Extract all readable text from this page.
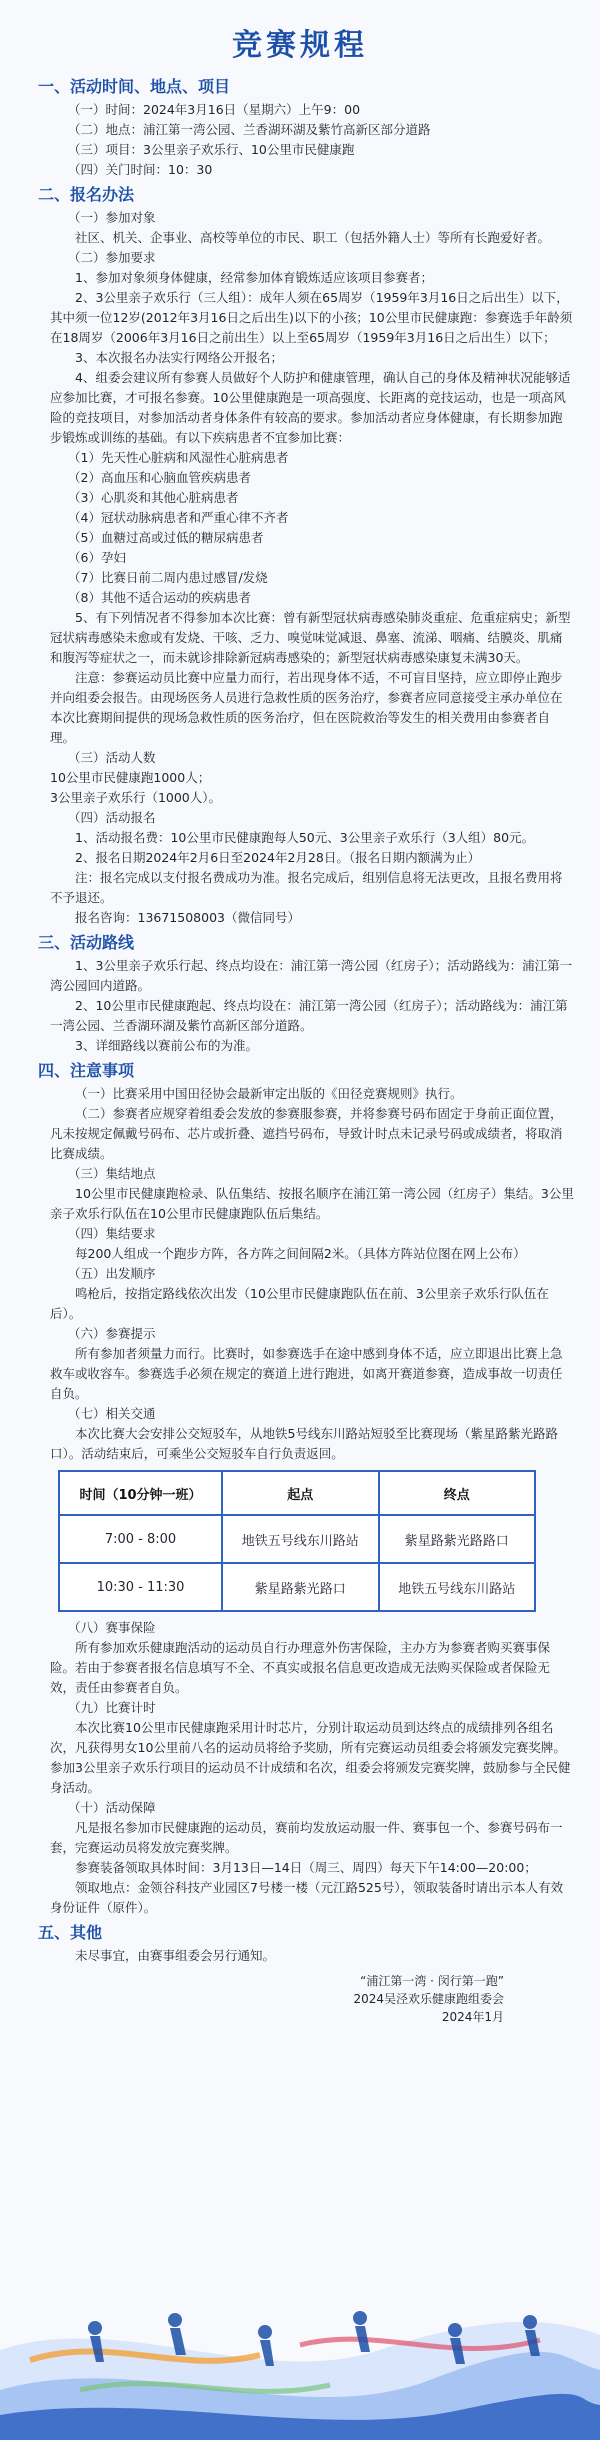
竞赛规程
一、活动时间、地点、项目

（一）时间：2024年3月16日（星期六）上午9：00

（二）地点：浦江第一湾公园、兰香湖环湖及紫竹高新区部分道路

（三）项目：3公里亲子欢乐行、10公里市民健康跑

（四）关门时间：10：30

二、报名办法

（一）参加对象

社区、机关、企事业、高校等单位的市民、职工（包括外籍人士）等所有长跑爱好者。

（二）参加要求

1、参加对象须身体健康，经常参加体育锻炼适应该项目参赛者；

2、3公里亲子欢乐行（三人组）：成年人须在65周岁（1959年3月16日之后出生）以下，其中须一位12岁(2012年3月16日之后出生)以下的小孩；10公里市民健康跑：参赛选手年龄须在18周岁（2006年3月16日之前出生）以上至65周岁（1959年3月16日之后出生）以下；

3、本次报名办法实行网络公开报名；

4、组委会建议所有参赛人员做好个人防护和健康管理，确认自己的身体及精神状况能够适应参加比赛，才可报名参赛。10公里健康跑是一项高强度、长距离的竞技运动，也是一项高风险的竞技项目，对参加活动者身体条件有较高的要求。参加活动者应身体健康，有长期参加跑步锻炼或训练的基础。有以下疾病患者不宜参加比赛：

（1）先天性心脏病和风湿性心脏病患者

（2）高血压和心脑血管疾病患者

（3）心肌炎和其他心脏病患者

（4）冠状动脉病患者和严重心律不齐者

（5）血糖过高或过低的糖尿病患者

（6）孕妇

（7）比赛日前二周内患过感冒/发烧

（8）其他不适合运动的疾病患者

5、有下列情况者不得参加本次比赛：曾有新型冠状病毒感染肺炎重症、危重症病史；新型冠状病毒感染未愈或有发烧、干咳、乏力、嗅觉味觉减退、鼻塞、流涕、咽痛、结膜炎、肌痛和腹泻等症状之一，而未就诊排除新冠病毒感染的；新型冠状病毒感染康复未满30天。

注意：参赛运动员比赛中应量力而行，若出现身体不适，不可盲目坚持，应立即停止跑步并向组委会报告。由现场医务人员进行急救性质的医务治疗，参赛者应同意接受主承办单位在本次比赛期间提供的现场急救性质的医务治疗，但在医院救治等发生的相关费用由参赛者自理。

（三）活动人数

10公里市民健康跑1000人；

3公里亲子欢乐行（1000人）。

（四）活动报名

1、活动报名费：10公里市民健康跑每人50元、3公里亲子欢乐行（3人组）80元。

2、报名日期2024年2月6日至2024年2月28日。（报名日期内额满为止）

注：报名完成以支付报名费成功为准。报名完成后，组别信息将无法更改，且报名费用将不予退还。

报名咨询：13671508003（微信同号）

三、活动路线

1、3公里亲子欢乐行起、终点均设在：浦江第一湾公园（红房子）；活动路线为：浦江第一湾公园回内道路。

2、10公里市民健康跑起、终点均设在：浦江第一湾公园（红房子）；活动路线为：浦江第一湾公园、兰香湖环湖及紫竹高新区部分道路。

3、详细路线以赛前公布的为准。

四、注意事项

（一）比赛采用中国田径协会最新审定出版的《田径竞赛规则》执行。

（二）参赛者应规穿着组委会发放的参赛服参赛，并将参赛号码布固定于身前正面位置，凡未按规定佩戴号码布、芯片或折叠、遮挡号码布，导致计时点未记录号码或成绩者，将取消比赛成绩。

（三）集结地点

10公里市民健康跑检录、队伍集结、按报名顺序在浦江第一湾公园（红房子）集结。3公里亲子欢乐行队伍在10公里市民健康跑队伍后集结。

（四）集结要求

每200人组成一个跑步方阵，各方阵之间间隔2米。（具体方阵站位图在网上公布）

（五）出发顺序

鸣枪后，按指定路线依次出发（10公里市民健康跑队伍在前、3公里亲子欢乐行队伍在后）。

（六）参赛提示

所有参加者须量力而行。比赛时，如参赛选手在途中感到身体不适，应立即退出比赛上急救车或收容车。参赛选手必须在规定的赛道上进行跑进，如离开赛道参赛，造成事故一切责任自负。

（七）相关交通

本次比赛大会安排公交短驳车，从地铁5号线东川路站短驳至比赛现场（紫星路紫光路路口）。活动结束后，可乘坐公交短驳车自行负责返回。

时间（10分钟一班）	起点	终点
7:00 - 8:00	地铁五号线东川路站	紫星路紫光路路口
10:30 - 11:30	紫星路紫光路口	地铁五号线东川路站

（八）赛事保险

所有参加欢乐健康跑活动的运动员自行办理意外伤害保险，主办方为参赛者购买赛事保险。若由于参赛者报名信息填写不全、不真实或报名信息更改造成无法购买保险或者保险无效，责任由参赛者自负。

（九）比赛计时

本次比赛10公里市民健康跑采用计时芯片，分别计取运动员到达终点的成绩排列各组名次，凡获得男女10公里前八名的运动员将给予奖励，所有完赛运动员组委会将颁发完赛奖牌。参加3公里亲子欢乐行项目的运动员不计成绩和名次，组委会将颁发完赛奖牌，鼓励参与全民健身活动。

（十）活动保障

凡是报名参加市民健康跑的运动员，赛前均发放运动服一件、赛事包一个、参赛号码布一套，完赛运动员将发放完赛奖牌。

参赛装备领取具体时间：3月13日—14日（周三、周四）每天下午14:00—20:00；

领取地点：金领谷科技产业园区7号楼一楼（元江路525号），领取装备时请出示本人有效身份证件（原件）。

五、其他

未尽事宜，由赛事组委会另行通知。

“浦江第一湾 · 闵行第一跑”
2024吴泾欢乐健康跑组委会
2024年1月
